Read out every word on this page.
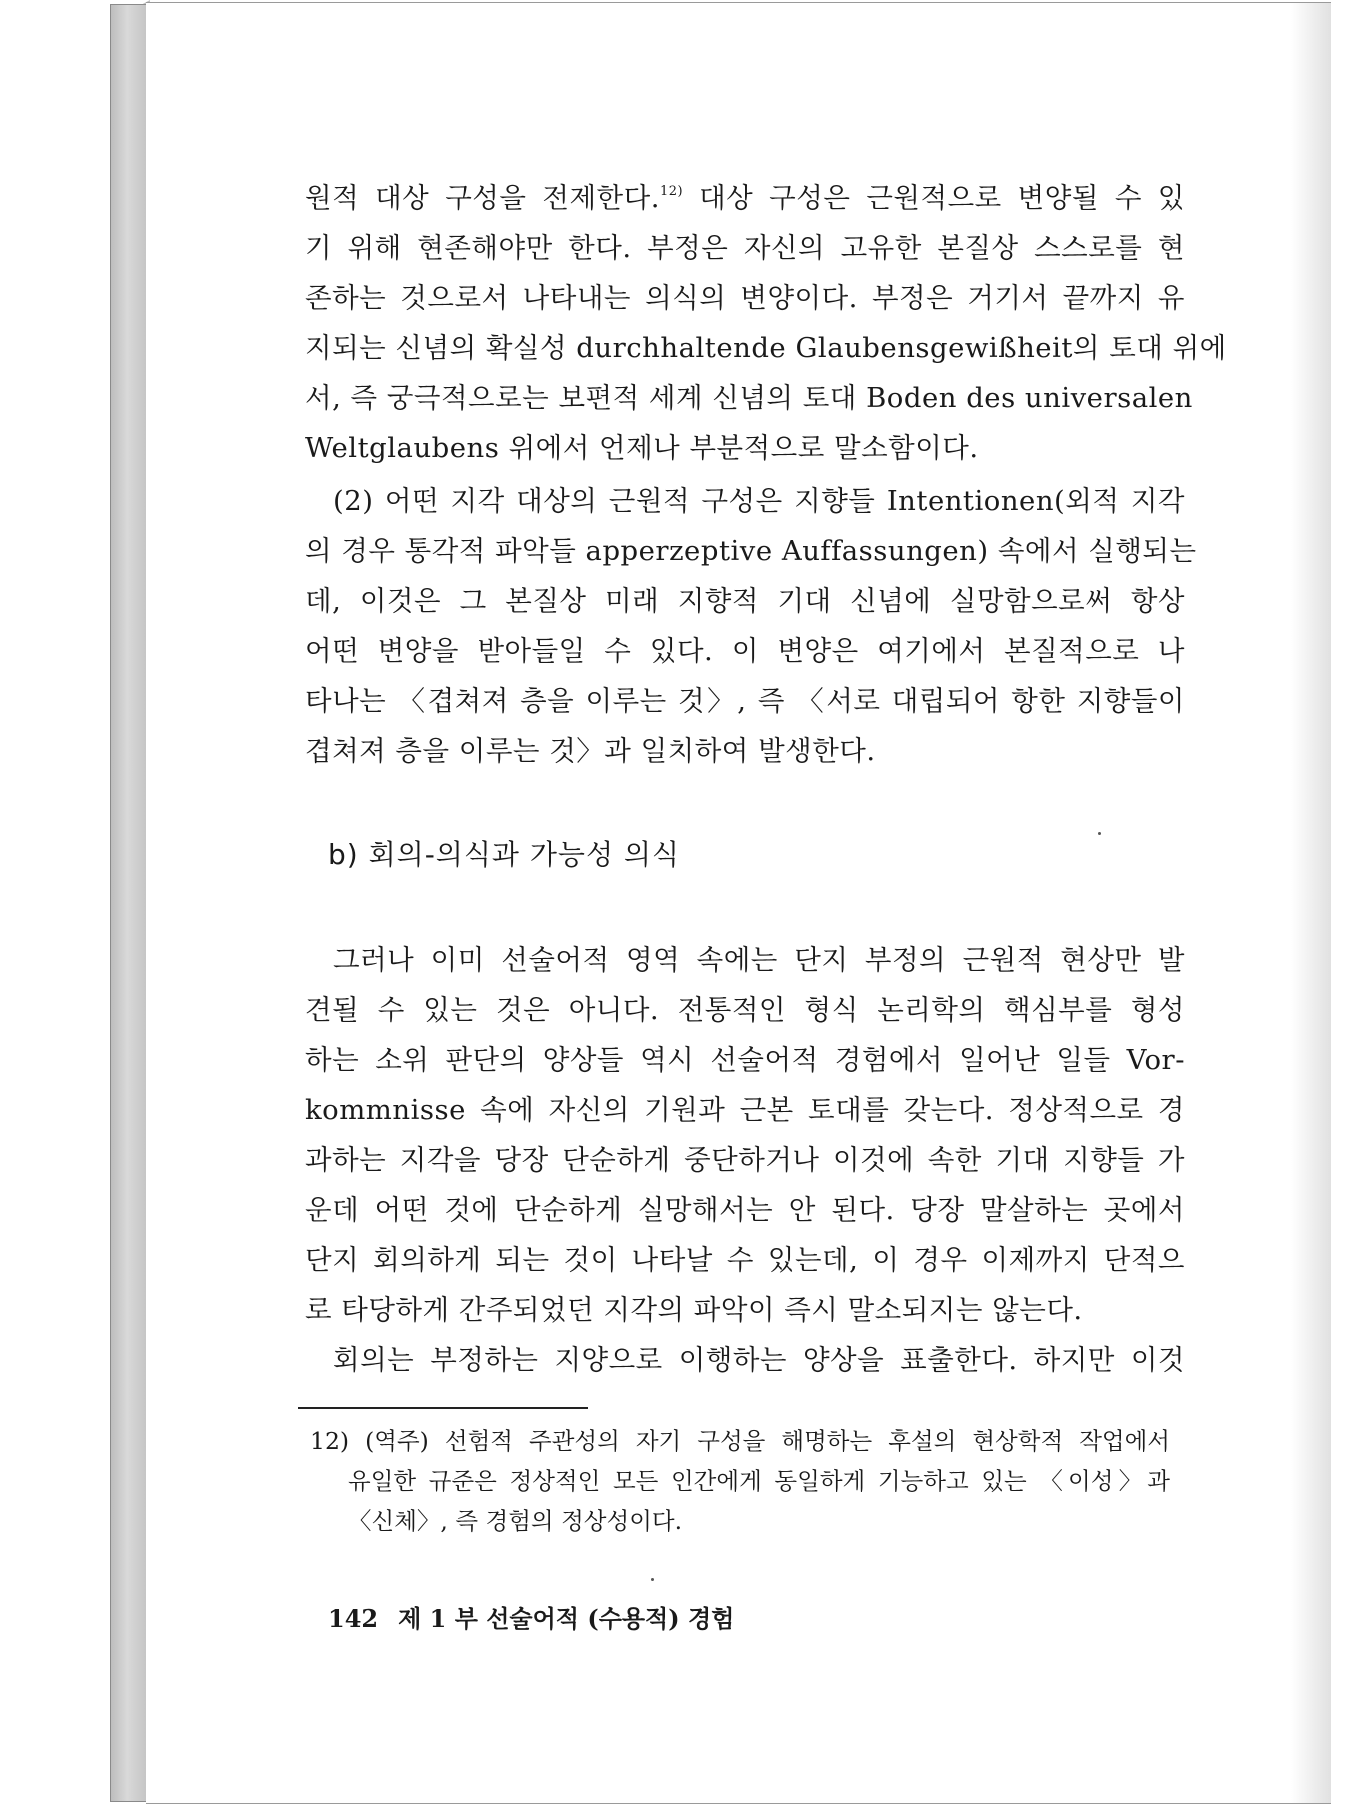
원적 대상 구성을 전제한다.$^{12)}$ 대상 구성은 근원적으로 변양될 수 있
기 위해 현존해야만 한다. 부정은 자신의 고유한 본질상 스스로를 현
존하는 것으로서 나타내는 의식의 변양이다. 부정은 거기서 끝까지 유
지되는 신념의 확실성 durchhaltende Glaubensgewißheit의 토대 위에
서, 즉 궁극적으로는 보편적 세계 신념의 토대 Boden des universalen
Weltglaubens 위에서 언제나 부분적으로 말소함이다.
(2) 어떤 지각 대상의 근원적 구성은 지향들 Intentionen(외적 지각
의 경우 통각적 파악들 apperzeptive Auffassungen) 속에서 실행되는
데, 이것은 그 본질상 미래 지향적 기대 신념에 실망함으로써 항상
어떤 변양을 받아들일 수 있다. 이 변양은 여기에서 본질적으로 나
타나는 〈겹쳐져 층을 이루는 것〉, 즉 〈서로 대립되어 항한 지향들이
겹쳐져 층을 이루는 것〉과 일치하여 발생한다.
b) 회의-의식과 가능성 의식
그러나 이미 선술어적 영역 속에는 단지 부정의 근원적 현상만 발
견될 수 있는 것은 아니다. 전통적인 형식 논리학의 핵심부를 형성
하는 소위 판단의 양상들 역시 선술어적 경험에서 일어난 일들 Vor-
kommnisse 속에 자신의 기원과 근본 토대를 갖는다. 정상적으로 경
과하는 지각을 당장 단순하게 중단하거나 이것에 속한 기대 지향들 가
운데 어떤 것에 단순하게 실망해서는 안 된다. 당장 말살하는 곳에서
단지 회의하게 되는 것이 나타날 수 있는데, 이 경우 이제까지 단적으
로 타당하게 간주되었던 지각의 파악이 즉시 말소되지는 않는다.
회의는 부정하는 지양으로 이행하는 양상을 표출한다. 하지만 이것
12) (역주) 선험적 주관성의 자기 구성을 해명하는 후설의 현상학적 작업에서
유일한 규준은 정상적인 모든 인간에게 동일하게 기능하고 있는 〈이성〉과
〈신체〉, 즉 경험의 정상성이다.
142 제 1 부 선술어적 (수용적) 경험
